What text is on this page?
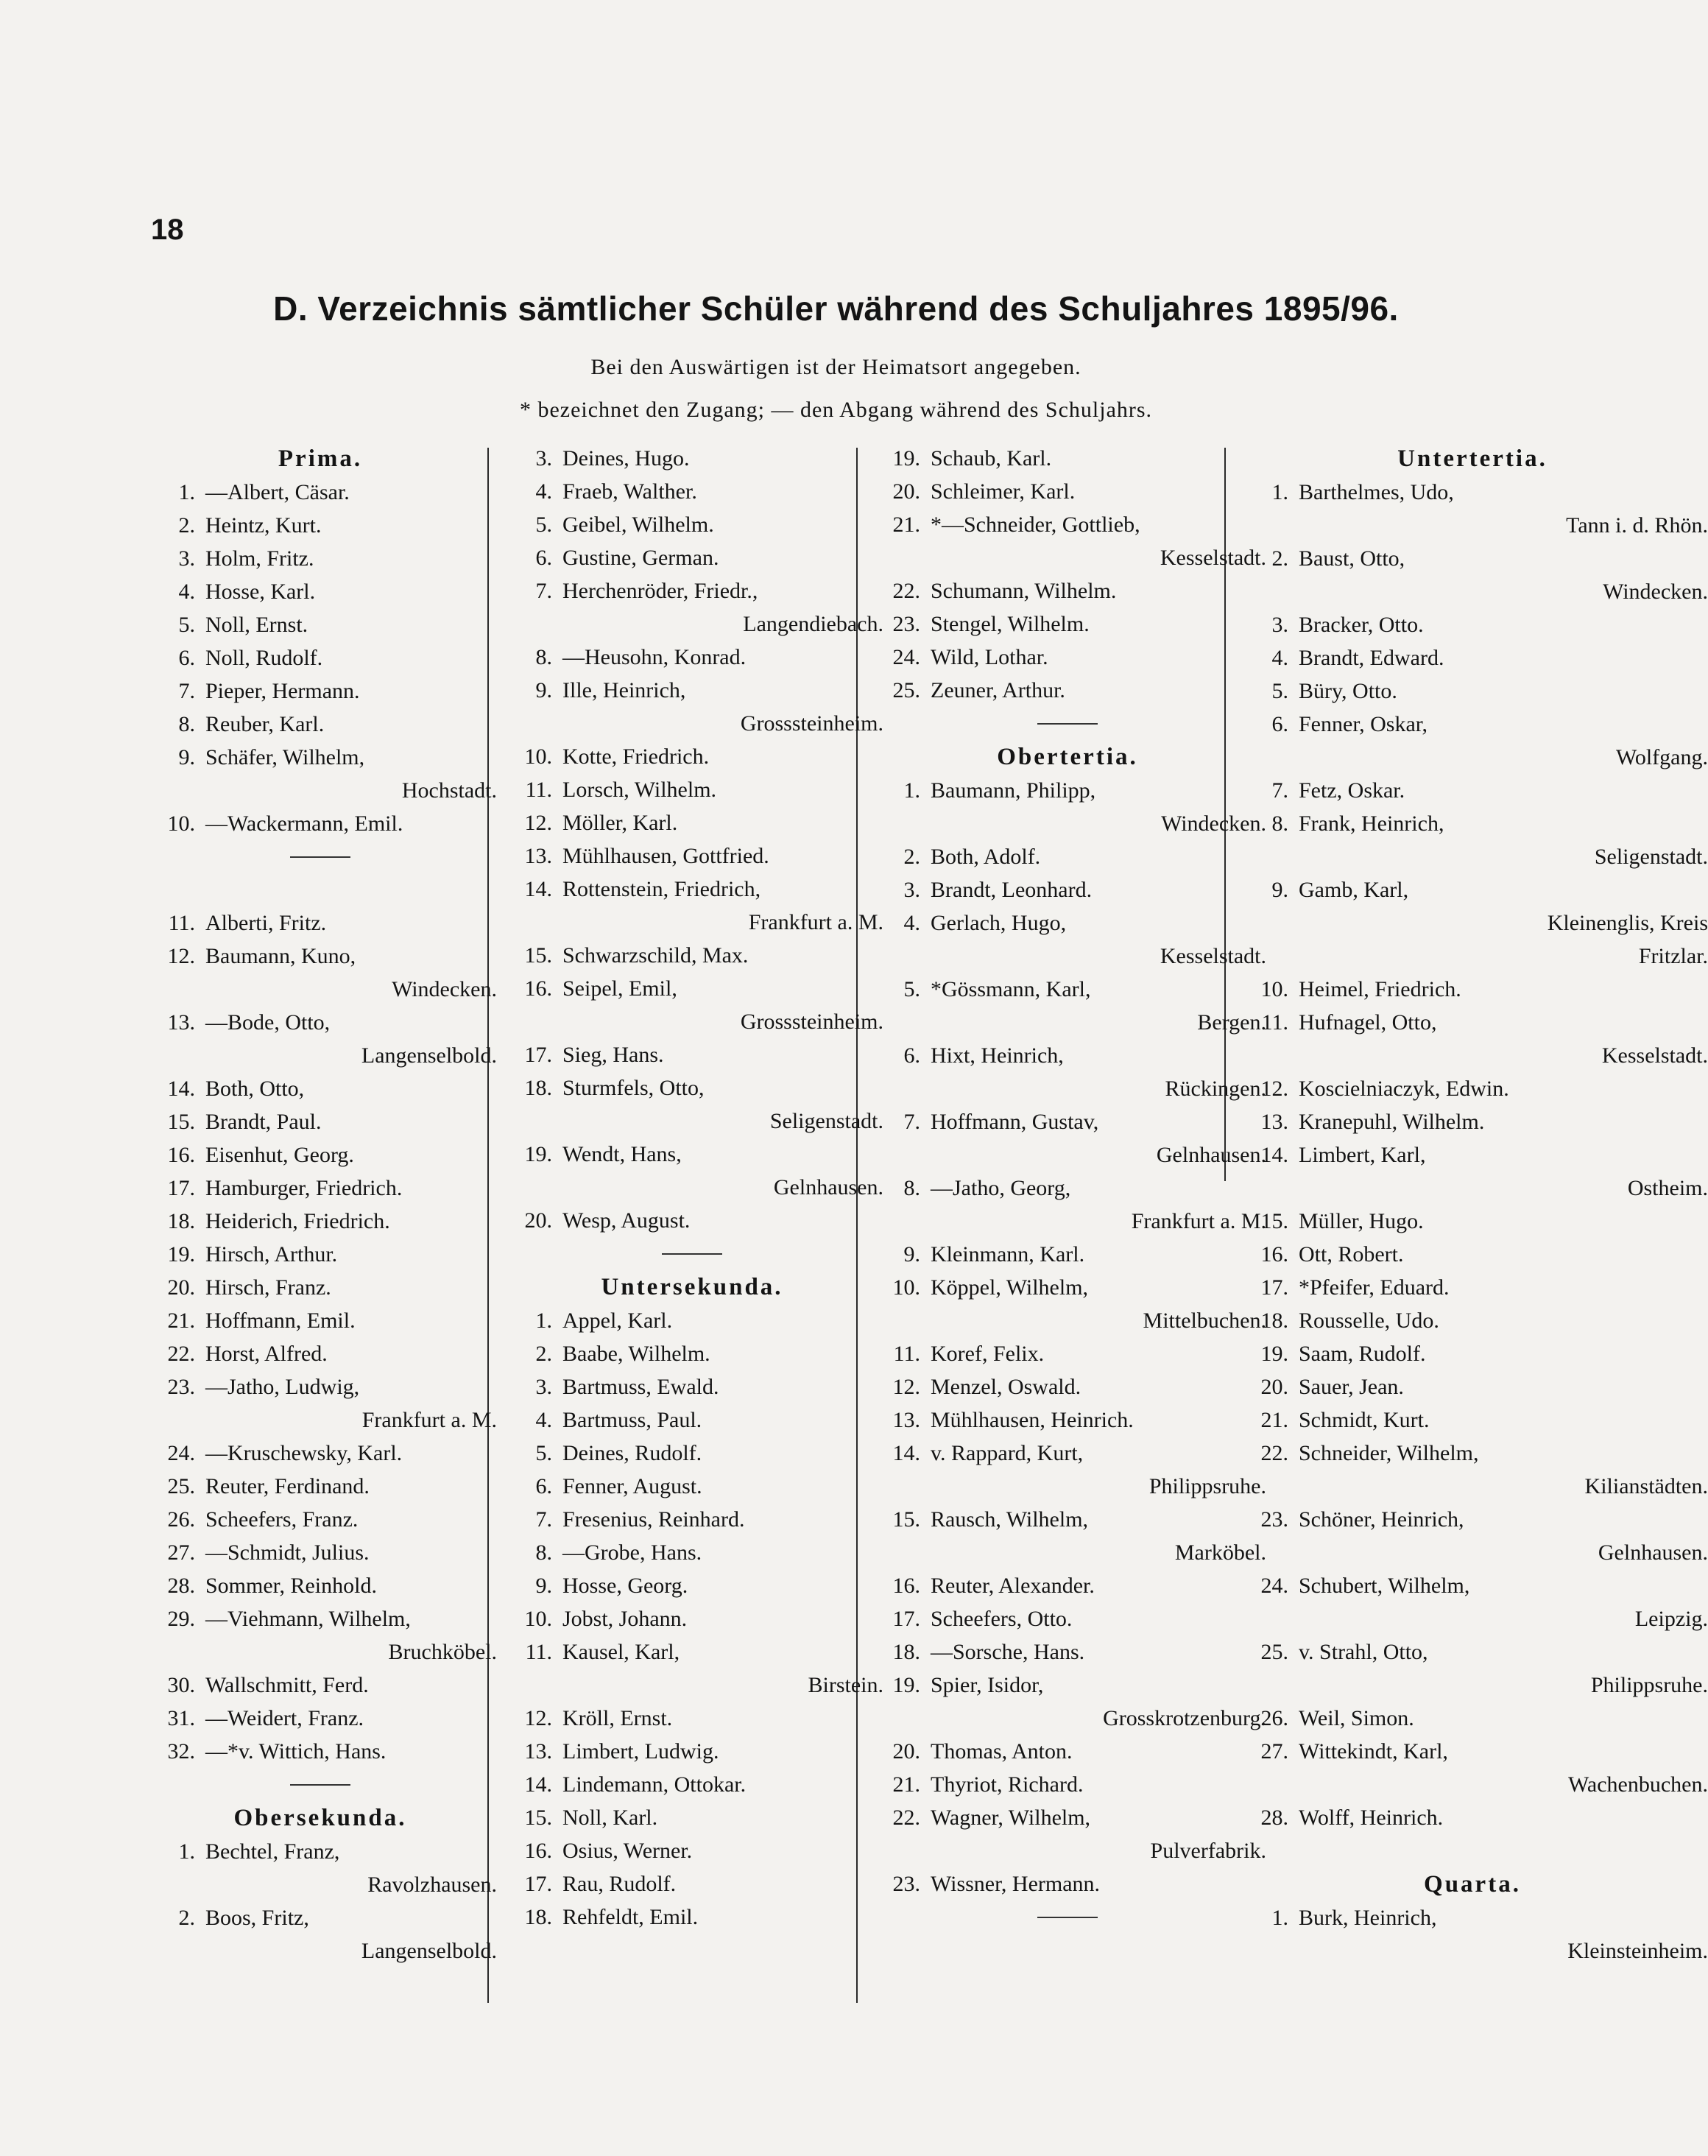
18
D. Verzeichnis sämtlicher Schüler während des Schuljahres 1895/96.
Bei den Auswärtigen ist der Heimatsort angegeben.
* bezeichnet den Zugang; — den Abgang während des Schuljahrs.
Prima.
1. —Albert, Cäsar.
2. Heintz, Kurt.
3. Holm, Fritz.
4. Hosse, Karl.
5. Noll, Ernst.
6. Noll, Rudolf.
7. Pieper, Hermann.
8. Reuber, Karl.
9. Schäfer, Wilhelm,
Hochstadt.
10. —Wackermann, Emil.
11. Alberti, Fritz.
12. Baumann, Kuno,
Windecken.
13. —Bode, Otto,
Langenselbold.
14. Both, Otto,
15. Brandt, Paul.
16. Eisenhut, Georg.
17. Hamburger, Friedrich.
18. Heiderich, Friedrich.
19. Hirsch, Arthur.
20. Hirsch, Franz.
21. Hoffmann, Emil.
22. Horst, Alfred.
23. —Jatho, Ludwig,
Frankfurt a. M.
24. —Kruschewsky, Karl.
25. Reuter, Ferdinand.
26. Scheefers, Franz.
27. —Schmidt, Julius.
28. Sommer, Reinhold.
29. —Viehmann, Wilhelm,
Bruchköbel.
30. Wallschmitt, Ferd.
31. —Weidert, Franz.
32. —*v. Wittich, Hans.
Obersekunda.
1. Bechtel, Franz,
Ravolzhausen.
2. Boos, Fritz,
Langenselbold.
3. Deines, Hugo.
4. Fraeb, Walther.
5. Geibel, Wilhelm.
6. Gustine, German.
7. Herchenröder, Friedr.,
Langendiebach.
8. —Heusohn, Konrad.
9. Ille, Heinrich,
Grosssteinheim.
10. Kotte, Friedrich.
11. Lorsch, Wilhelm.
12. Möller, Karl.
13. Mühlhausen, Gottfried.
14. Rottenstein, Friedrich,
Frankfurt a. M.
15. Schwarzschild, Max.
16. Seipel, Emil,
Grosssteinheim.
17. Sieg, Hans.
18. Sturmfels, Otto,
Seligenstadt.
19. Wendt, Hans,
Gelnhausen.
20. Wesp, August.
Untersekunda.
1. Appel, Karl.
2. Baabe, Wilhelm.
3. Bartmuss, Ewald.
4. Bartmuss, Paul.
5. Deines, Rudolf.
6. Fenner, August.
7. Fresenius, Reinhard.
8. —Grobe, Hans.
9. Hosse, Georg.
10. Jobst, Johann.
11. Kausel, Karl,
Birstein.
12. Kröll, Ernst.
13. Limbert, Ludwig.
14. Lindemann, Ottokar.
15. Noll, Karl.
16. Osius, Werner.
17. Rau, Rudolf.
18. Rehfeldt, Emil.
19. Schaub, Karl.
20. Schleimer, Karl.
21. *—Schneider, Gottlieb,
Kesselstadt.
22. Schumann, Wilhelm.
23. Stengel, Wilhelm.
24. Wild, Lothar.
25. Zeuner, Arthur.
Obertertia.
1. Baumann, Philipp,
Windecken.
2. Both, Adolf.
3. Brandt, Leonhard.
4. Gerlach, Hugo,
Kesselstadt.
5. *Gössmann, Karl,
Bergen.
6. Hixt, Heinrich,
Rückingen.
7. Hoffmann, Gustav,
Gelnhausen.
8. —Jatho, Georg,
Frankfurt a. M.
9. Kleinmann, Karl.
10. Köppel, Wilhelm,
Mittelbuchen.
11. Koref, Felix.
12. Menzel, Oswald.
13. Mühlhausen, Heinrich.
14. v. Rappard, Kurt,
Philippsruhe.
15. Rausch, Wilhelm,
Marköbel.
16. Reuter, Alexander.
17. Scheefers, Otto.
18. —Sorsche, Hans.
19. Spier, Isidor,
Grosskrotzenburg.
20. Thomas, Anton.
21. Thyriot, Richard.
22. Wagner, Wilhelm,
Pulverfabrik.
23. Wissner, Hermann.
Untertertia.
1. Barthelmes, Udo,
Tann i. d. Rhön.
2. Baust, Otto,
Windecken.
3. Bracker, Otto.
4. Brandt, Edward.
5. Büry, Otto.
6. Fenner, Oskar,
Wolfgang.
7. Fetz, Oskar.
8. Frank, Heinrich,
Seligenstadt.
9. Gamb, Karl,
Kleinenglis, Kreis
Fritzlar.
10. Heimel, Friedrich.
11. Hufnagel, Otto,
Kesselstadt.
12. Koscielniaczyk, Edwin.
13. Kranepuhl, Wilhelm.
14. Limbert, Karl,
Ostheim.
15. Müller, Hugo.
16. Ott, Robert.
17. *Pfeifer, Eduard.
18. Rousselle, Udo.
19. Saam, Rudolf.
20. Sauer, Jean.
21. Schmidt, Kurt.
22. Schneider, Wilhelm,
Kilianstädten.
23. Schöner, Heinrich,
Gelnhausen.
24. Schubert, Wilhelm,
Leipzig.
25. v. Strahl, Otto,
Philippsruhe.
26. Weil, Simon.
27. Wittekindt, Karl,
Wachenbuchen.
28. Wolff, Heinrich.
Quarta.
1. Burk, Heinrich,
Kleinsteinheim.
